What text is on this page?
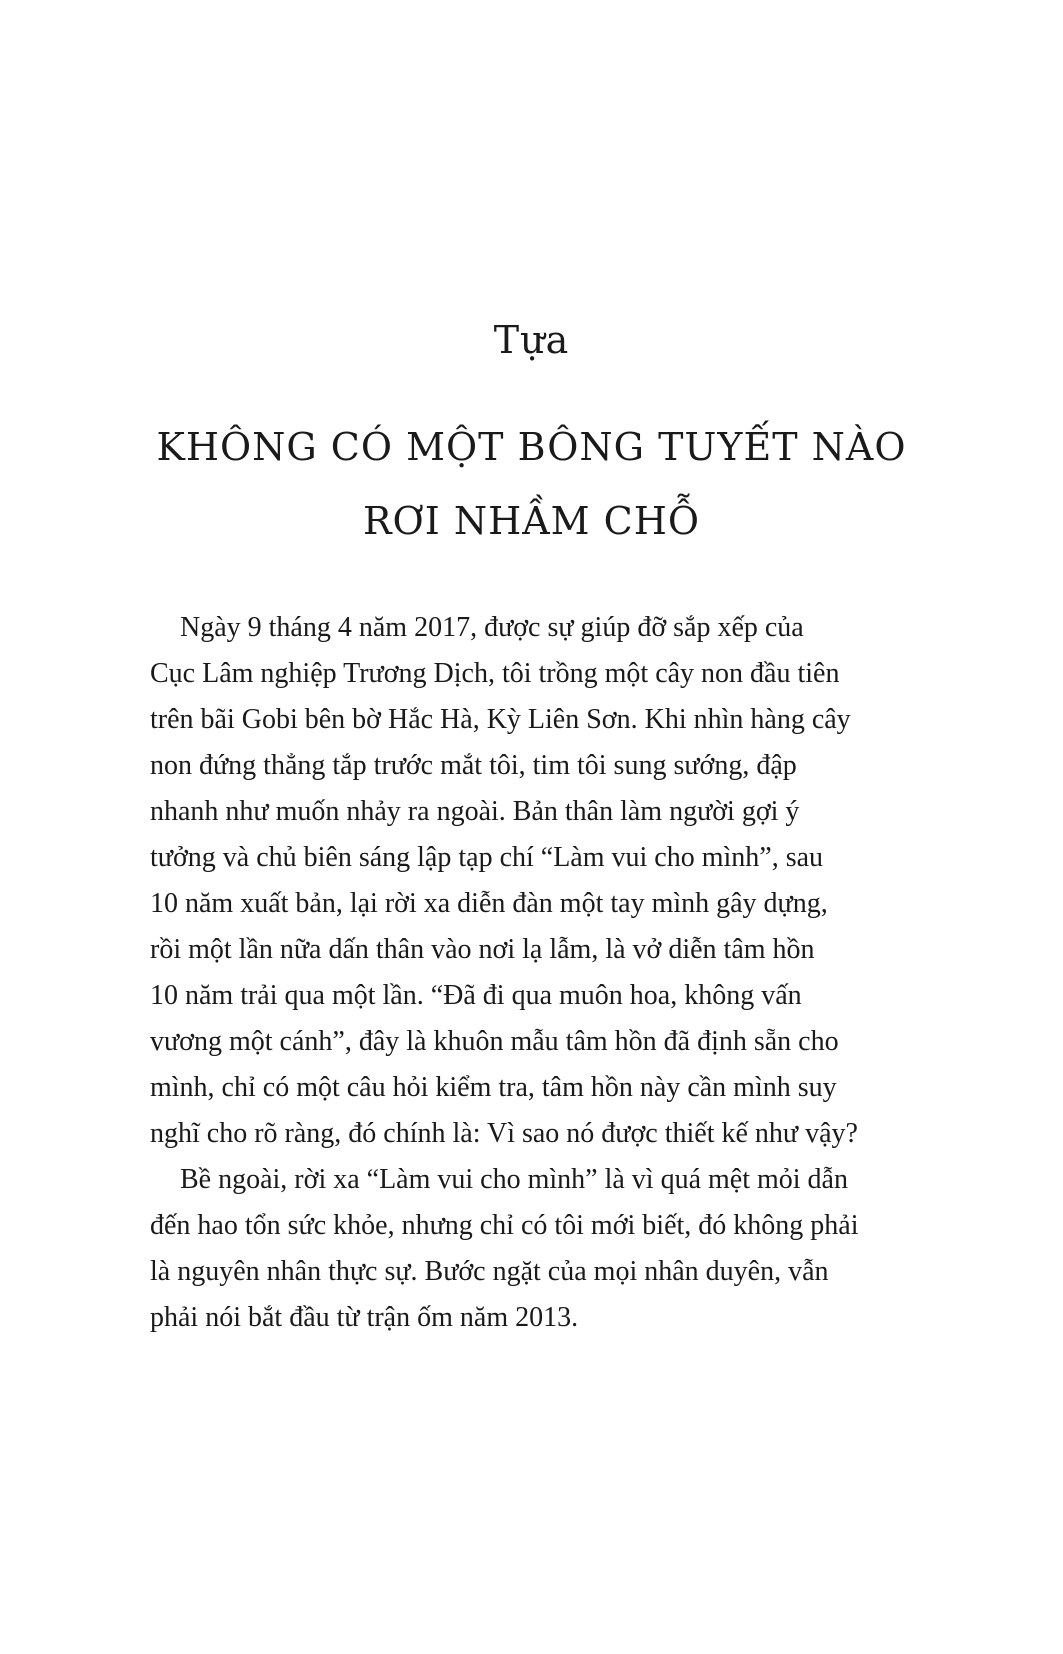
Tựa
KHÔNG CÓ MỘT BÔNG TUYẾT NÀO
RƠI NHẦM CHỖ
Ngày 9 tháng 4 năm 2017, được sự giúp đỡ sắp xếp của
Cục Lâm nghiệp Trương Dịch, tôi trồng một cây non đầu tiên
trên bãi Gobi bên bờ Hắc Hà, Kỳ Liên Sơn. Khi nhìn hàng cây
non đứng thẳng tắp trước mắt tôi, tim tôi sung sướng, đập
nhanh như muốn nhảy ra ngoài. Bản thân làm người gợi ý
tưởng và chủ biên sáng lập tạp chí “Làm vui cho mình”, sau
10 năm xuất bản, lại rời xa diễn đàn một tay mình gây dựng,
rồi một lần nữa dấn thân vào nơi lạ lẫm, là vở diễn tâm hồn
10 năm trải qua một lần. “Đã đi qua muôn hoa, không vấn
vương một cánh”, đây là khuôn mẫu tâm hồn đã định sẵn cho
mình, chỉ có một câu hỏi kiểm tra, tâm hồn này cần mình suy
nghĩ cho rõ ràng, đó chính là: Vì sao nó được thiết kế như vậy?
Bề ngoài, rời xa “Làm vui cho mình” là vì quá mệt mỏi dẫn
đến hao tổn sức khỏe, nhưng chỉ có tôi mới biết, đó không phải
là nguyên nhân thực sự. Bước ngặt của mọi nhân duyên, vẫn
phải nói bắt đầu từ trận ốm năm 2013.
